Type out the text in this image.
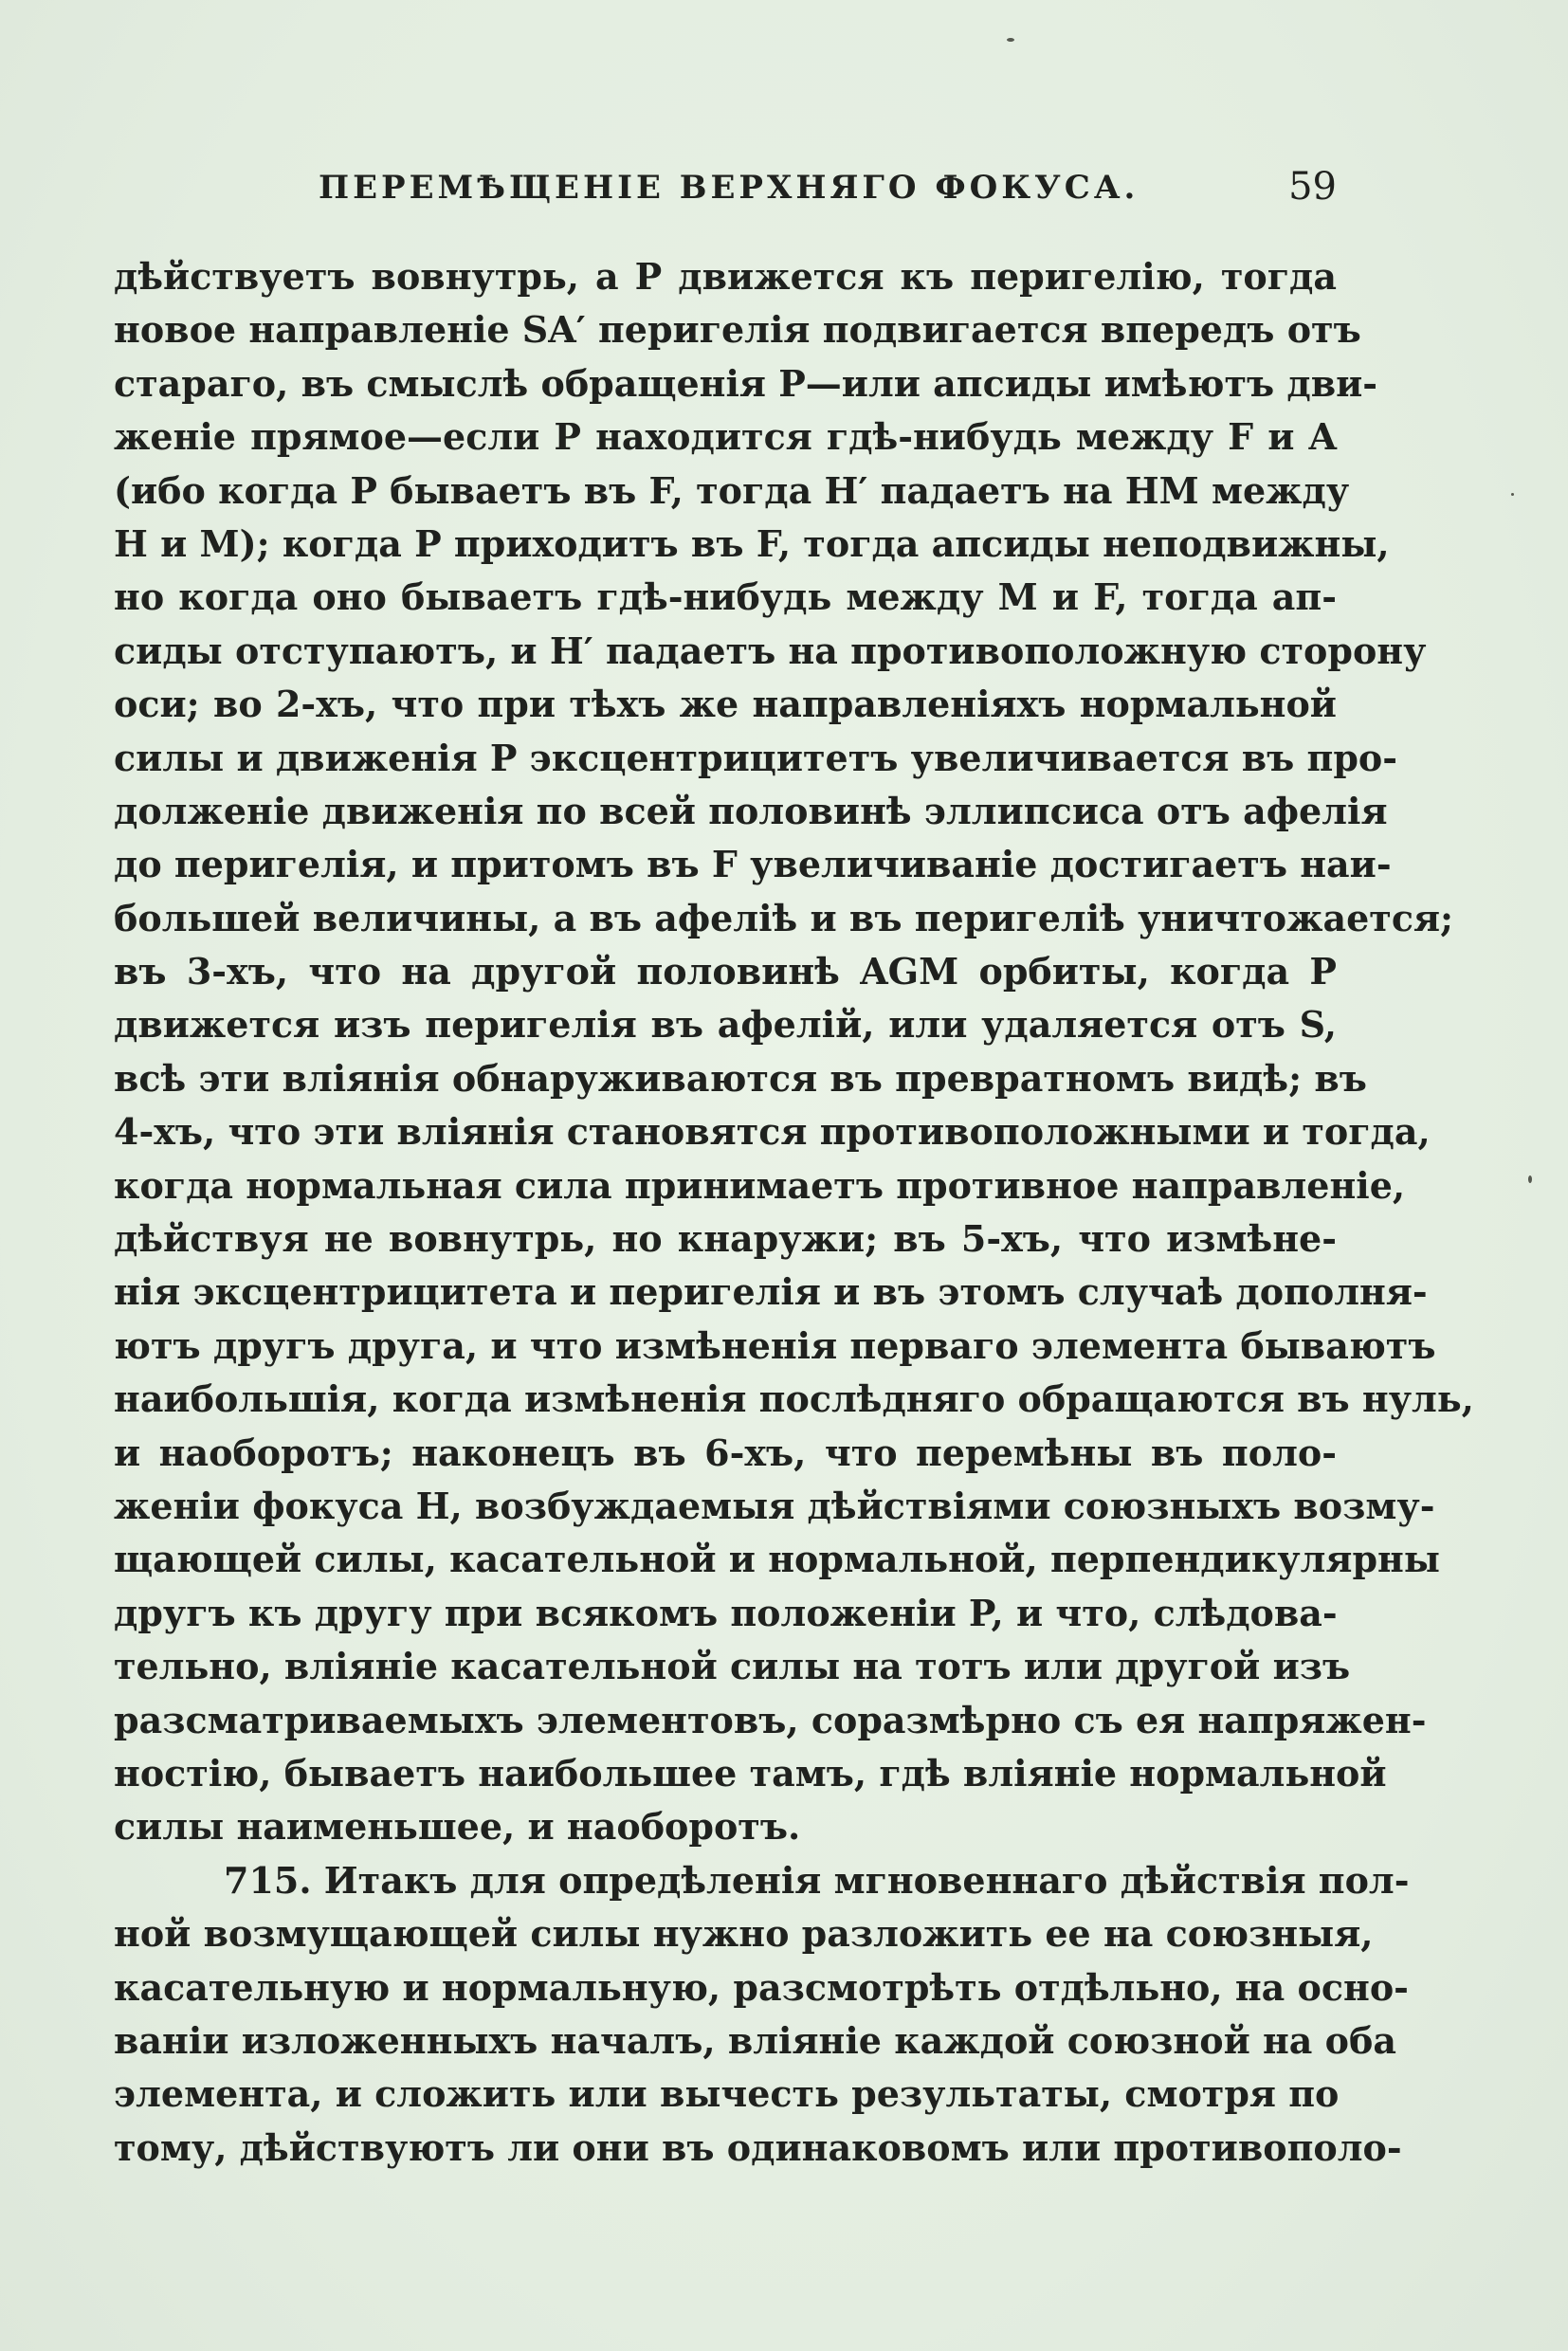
ПЕРЕМѢЩЕНІЕ ВЕРХНЯГО ФОКУСА.	59
дѣйствуетъ вовнутрь, а P движется къ перигелію, тогда
новое направленіе SA′ перигелія подвигается впередъ отъ
стараго, въ смыслѣ обращенія P—или апсиды имѣютъ дви-
женіе прямое—если P находится гдѣ-нибудь между F и A
(ибо когда P бываетъ въ F, тогда H′ падаетъ на HM между
H и M); когда P приходитъ въ F, тогда апсиды неподвижны,
но когда оно бываетъ гдѣ-нибудь между M и F, тогда ап-
сиды отступаютъ, и H′ падаетъ на противоположную сторону
оси; во 2-хъ, что при тѣхъ же направленіяхъ нормальной
силы и движенія P эксцентрицитетъ увеличивается въ про-
долженіе движенія по всей половинѣ эллипсиса отъ афелія
до перигелія, и притомъ въ F увеличиваніе достигаетъ наи-
большей величины, а въ афеліѣ и въ перигеліѣ уничтожается;
въ 3-хъ, что на другой половинѣ AGM орбиты, когда P
движется изъ перигелія въ афелій, или удаляется отъ S,
всѣ эти вліянія обнаруживаются въ превратномъ видѣ; въ
4-хъ, что эти вліянія становятся противоположными и тогда,
когда нормальная сила принимаетъ противное направленіе,
дѣйствуя не вовнутрь, но кнаружи; въ 5-хъ, что измѣне-
нія эксцентрицитета и перигелія и въ этомъ случаѣ дополня-
ютъ другъ друга, и что измѣненія перваго элемента бываютъ
наибольшія, когда измѣненія послѣдняго обращаются въ нуль,
и наоборотъ; наконецъ въ 6-хъ, что перемѣны въ поло-
женіи фокуса H, возбуждаемыя дѣйствіями союзныхъ возму-
щающей силы, касательной и нормальной, перпендикулярны
другъ къ другу при всякомъ положеніи P, и что, слѣдова-
тельно, вліяніе касательной силы на тотъ или другой изъ
разсматриваемыхъ элементовъ, соразмѣрно съ ея напряжен-
ностію, бываетъ наибольшее тамъ, гдѣ вліяніе нормальной
силы наименьшее, и наоборотъ.
715. Итакъ для опредѣленія мгновеннаго дѣйствія пол-
ной возмущающей силы нужно разложить ее на союзныя,
касательную и нормальную, разсмотрѣть отдѣльно, на осно-
ваніи изложенныхъ началъ, вліяніе каждой союзной на оба
элемента, и сложить или вычесть результаты, смотря по
тому, дѣйствуютъ ли они въ одинаковомъ или противополо-
